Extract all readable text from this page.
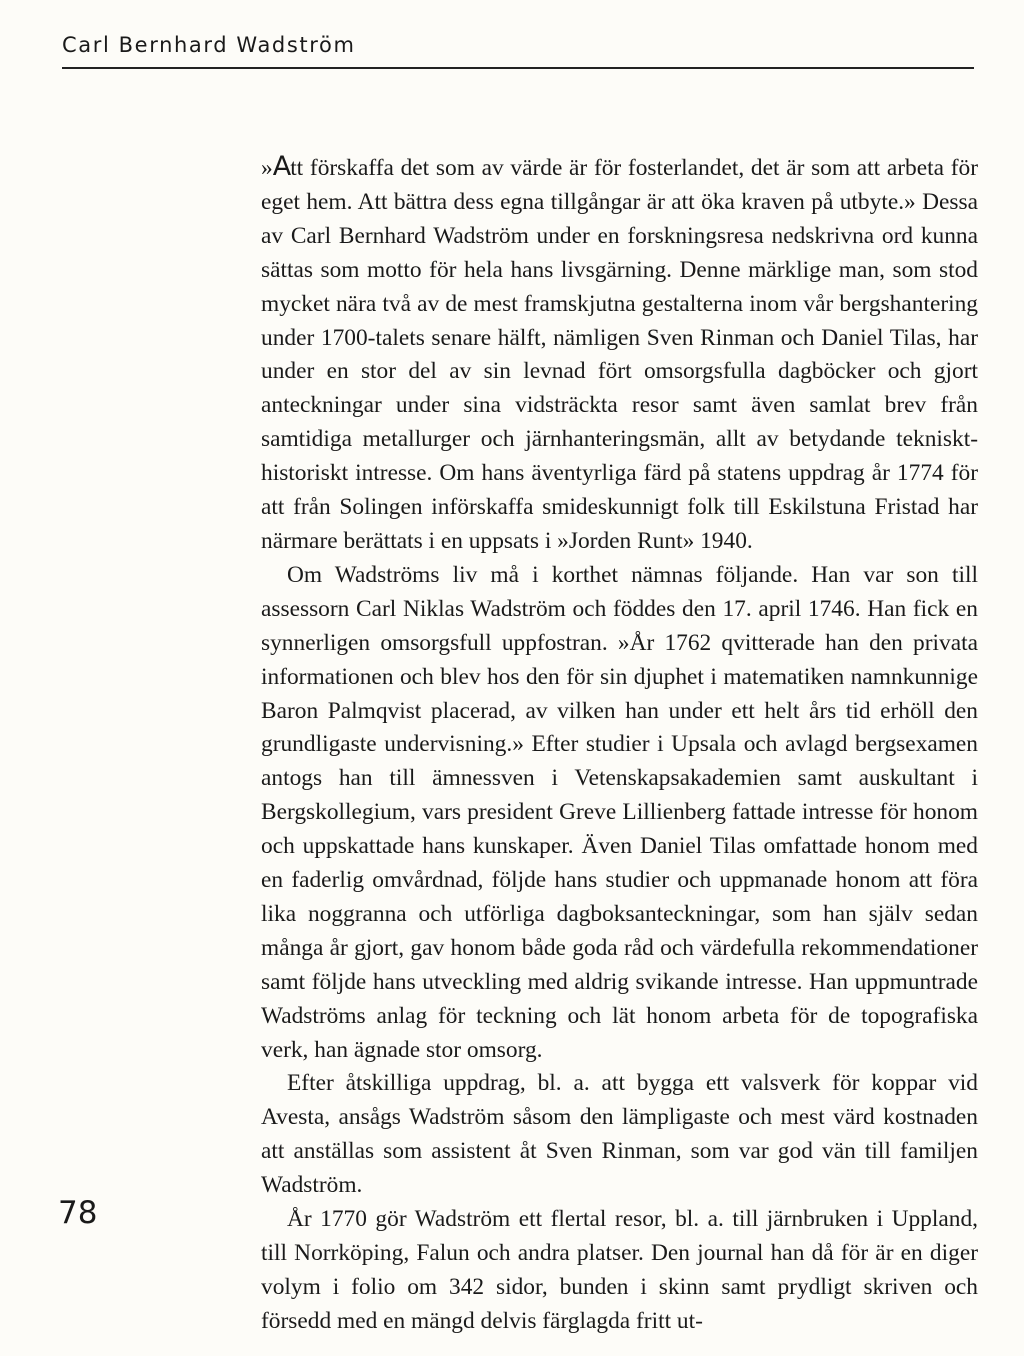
Carl Bernhard Wadström

»Att förskaffa det som av värde är för fosterlandet, det är som att arbeta för eget hem. Att bättra dess egna tillgångar är att öka kraven på utbyte.» Dessa av Carl Bernhard Wadström under en forskningsresa nedskrivna ord kunna sättas som motto för hela hans livsgärning. Denne märklige man, som stod mycket nära två av de mest framskjutna gestalterna inom vår bergshantering under 1700-talets senare hälft, nämligen Sven Rinman och Daniel Tilas, har under en stor del av sin levnad fört omsorgsfulla dagböcker och gjort anteckningar under sina vidsträckta resor samt även samlat brev från samtidiga metallurger och järnhanteringsmän, allt av betydande tekniskt-historiskt intresse. Om hans äventyrliga färd på statens uppdrag år 1774 för att från Solingen införskaffa smideskunnigt folk till Eskilstuna Fristad har närmare berättats i en uppsats i »Jorden Runt» 1940.

Om Wadströms liv må i korthet nämnas följande. Han var son till assessorn Carl Niklas Wadström och föddes den 17. april 1746. Han fick en synnerligen omsorgsfull uppfostran. »År 1762 qvitterade han den privata informationen och blev hos den för sin djuphet i matematiken namnkunnige Baron Palmqvist placerad, av vilken han under ett helt års tid erhöll den grundligaste undervisning.» Efter studier i Upsala och avlagd bergsexamen antogs han till ämnessven i Vetenskapsakademien samt auskultant i Bergskollegium, vars president Greve Lillienberg fattade intresse för honom och uppskattade hans kunskaper. Även Daniel Tilas omfattade honom med en faderlig omvårdnad, följde hans studier och uppmanade honom att föra lika noggranna och utförliga dagboksanteckningar, som han själv sedan många år gjort, gav honom både goda råd och värdefulla rekommendationer samt följde hans utveckling med aldrig svikande intresse. Han uppmuntrade Wadströms anlag för teckning och lät honom arbeta för de topografiska verk, han ägnade stor omsorg.

Efter åtskilliga uppdrag, bl. a. att bygga ett valsverk för koppar vid Avesta, ansågs Wadström såsom den lämpligaste och mest värd kostnaden att anställas som assistent åt Sven Rinman, som var god vän till familjen Wadström.

År 1770 gör Wadström ett flertal resor, bl. a. till järnbruken i Uppland, till Norrköping, Falun och andra platser. Den journal han då för är en diger volym i folio om 342 sidor, bunden i skinn samt prydligt skriven och försedd med en mängd delvis färglagda fritt ut-

78
